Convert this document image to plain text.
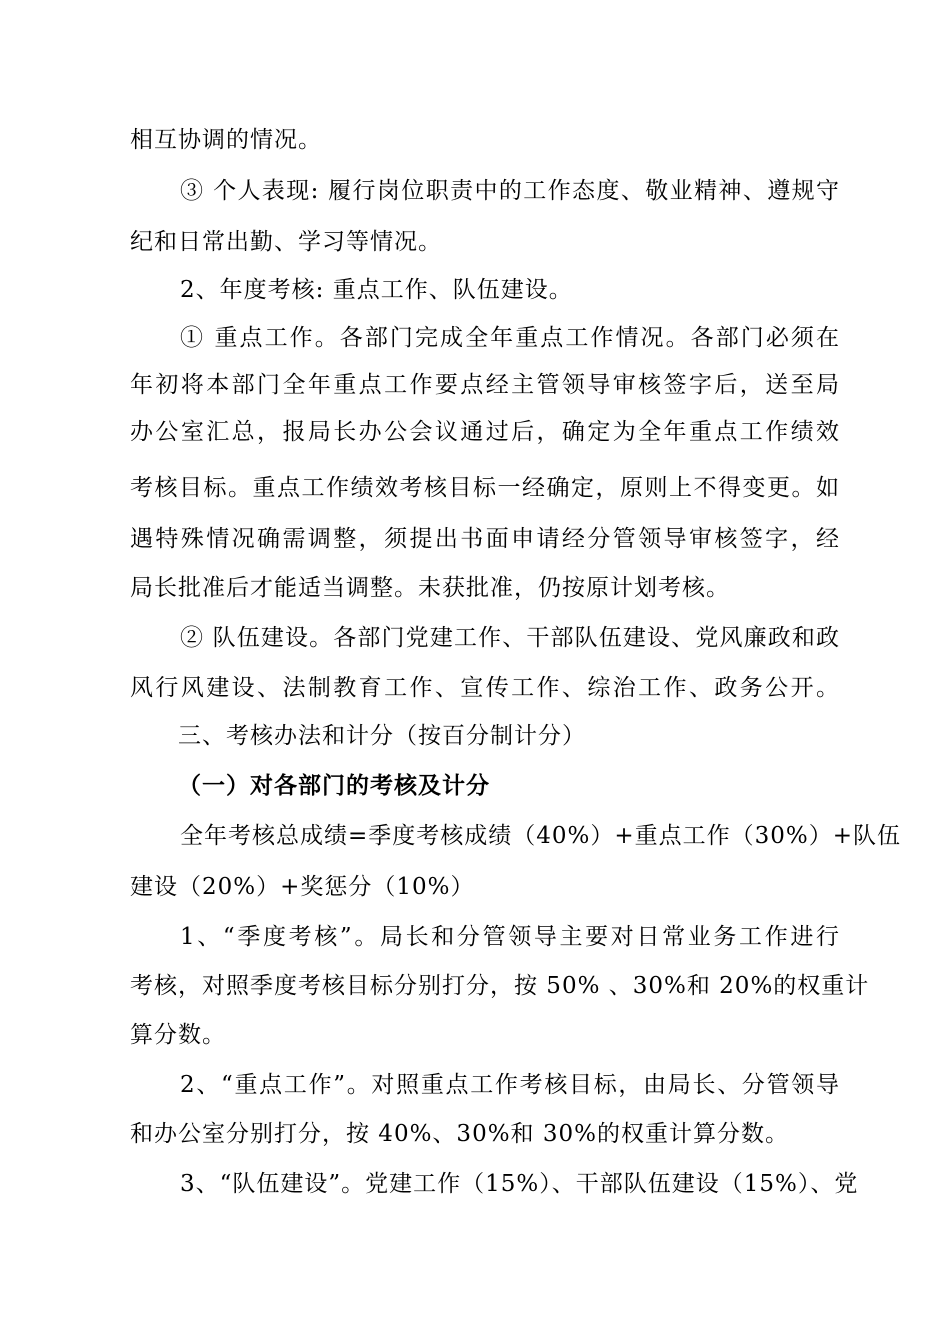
相互协调的情况。
③ 个人表现: 履行岗位职责中的工作态度、敬业精神、遵规守
纪和日常出勤、学习等情况。
2、年度考核: 重点工作、队伍建设。
① 重点工作。各部门完成全年重点工作情况。各部门必须在
年初将本部门全年重点工作要点经主管领导审核签字后，送至局
办公室汇总，报局长办公会议通过后，确定为全年重点工作绩效
考核目标。重点工作绩效考核目标一经确定，原则上不得变更。如
遇特殊情况确需调整，须提出书面申请经分管领导审核签字，经
局长批准后才能适当调整。未获批准，仍按原计划考核。
② 队伍建设。各部门党建工作、干部队伍建设、党风廉政和政
风行风建设、法制教育工作、宣传工作、综治工作、政务公开。
三、考核办法和计分（按百分制计分）
（一）对各部门的考核及计分
全年考核总成绩=季度考核成绩（40%）+重点工作（30%）+队伍
建设（20%）+奖惩分（10%）
1、“季度考核”。局长和分管领导主要对日常业务工作进行
考核，对照季度考核目标分别打分，按 50% 、30%和 20%的权重计
算分数。
2、“重点工作”。对照重点工作考核目标，由局长、分管领导
和办公室分别打分，按 40%、30%和 30%的权重计算分数。
3、“队伍建设”。党建工作（15%）、干部队伍建设（15%）、党
